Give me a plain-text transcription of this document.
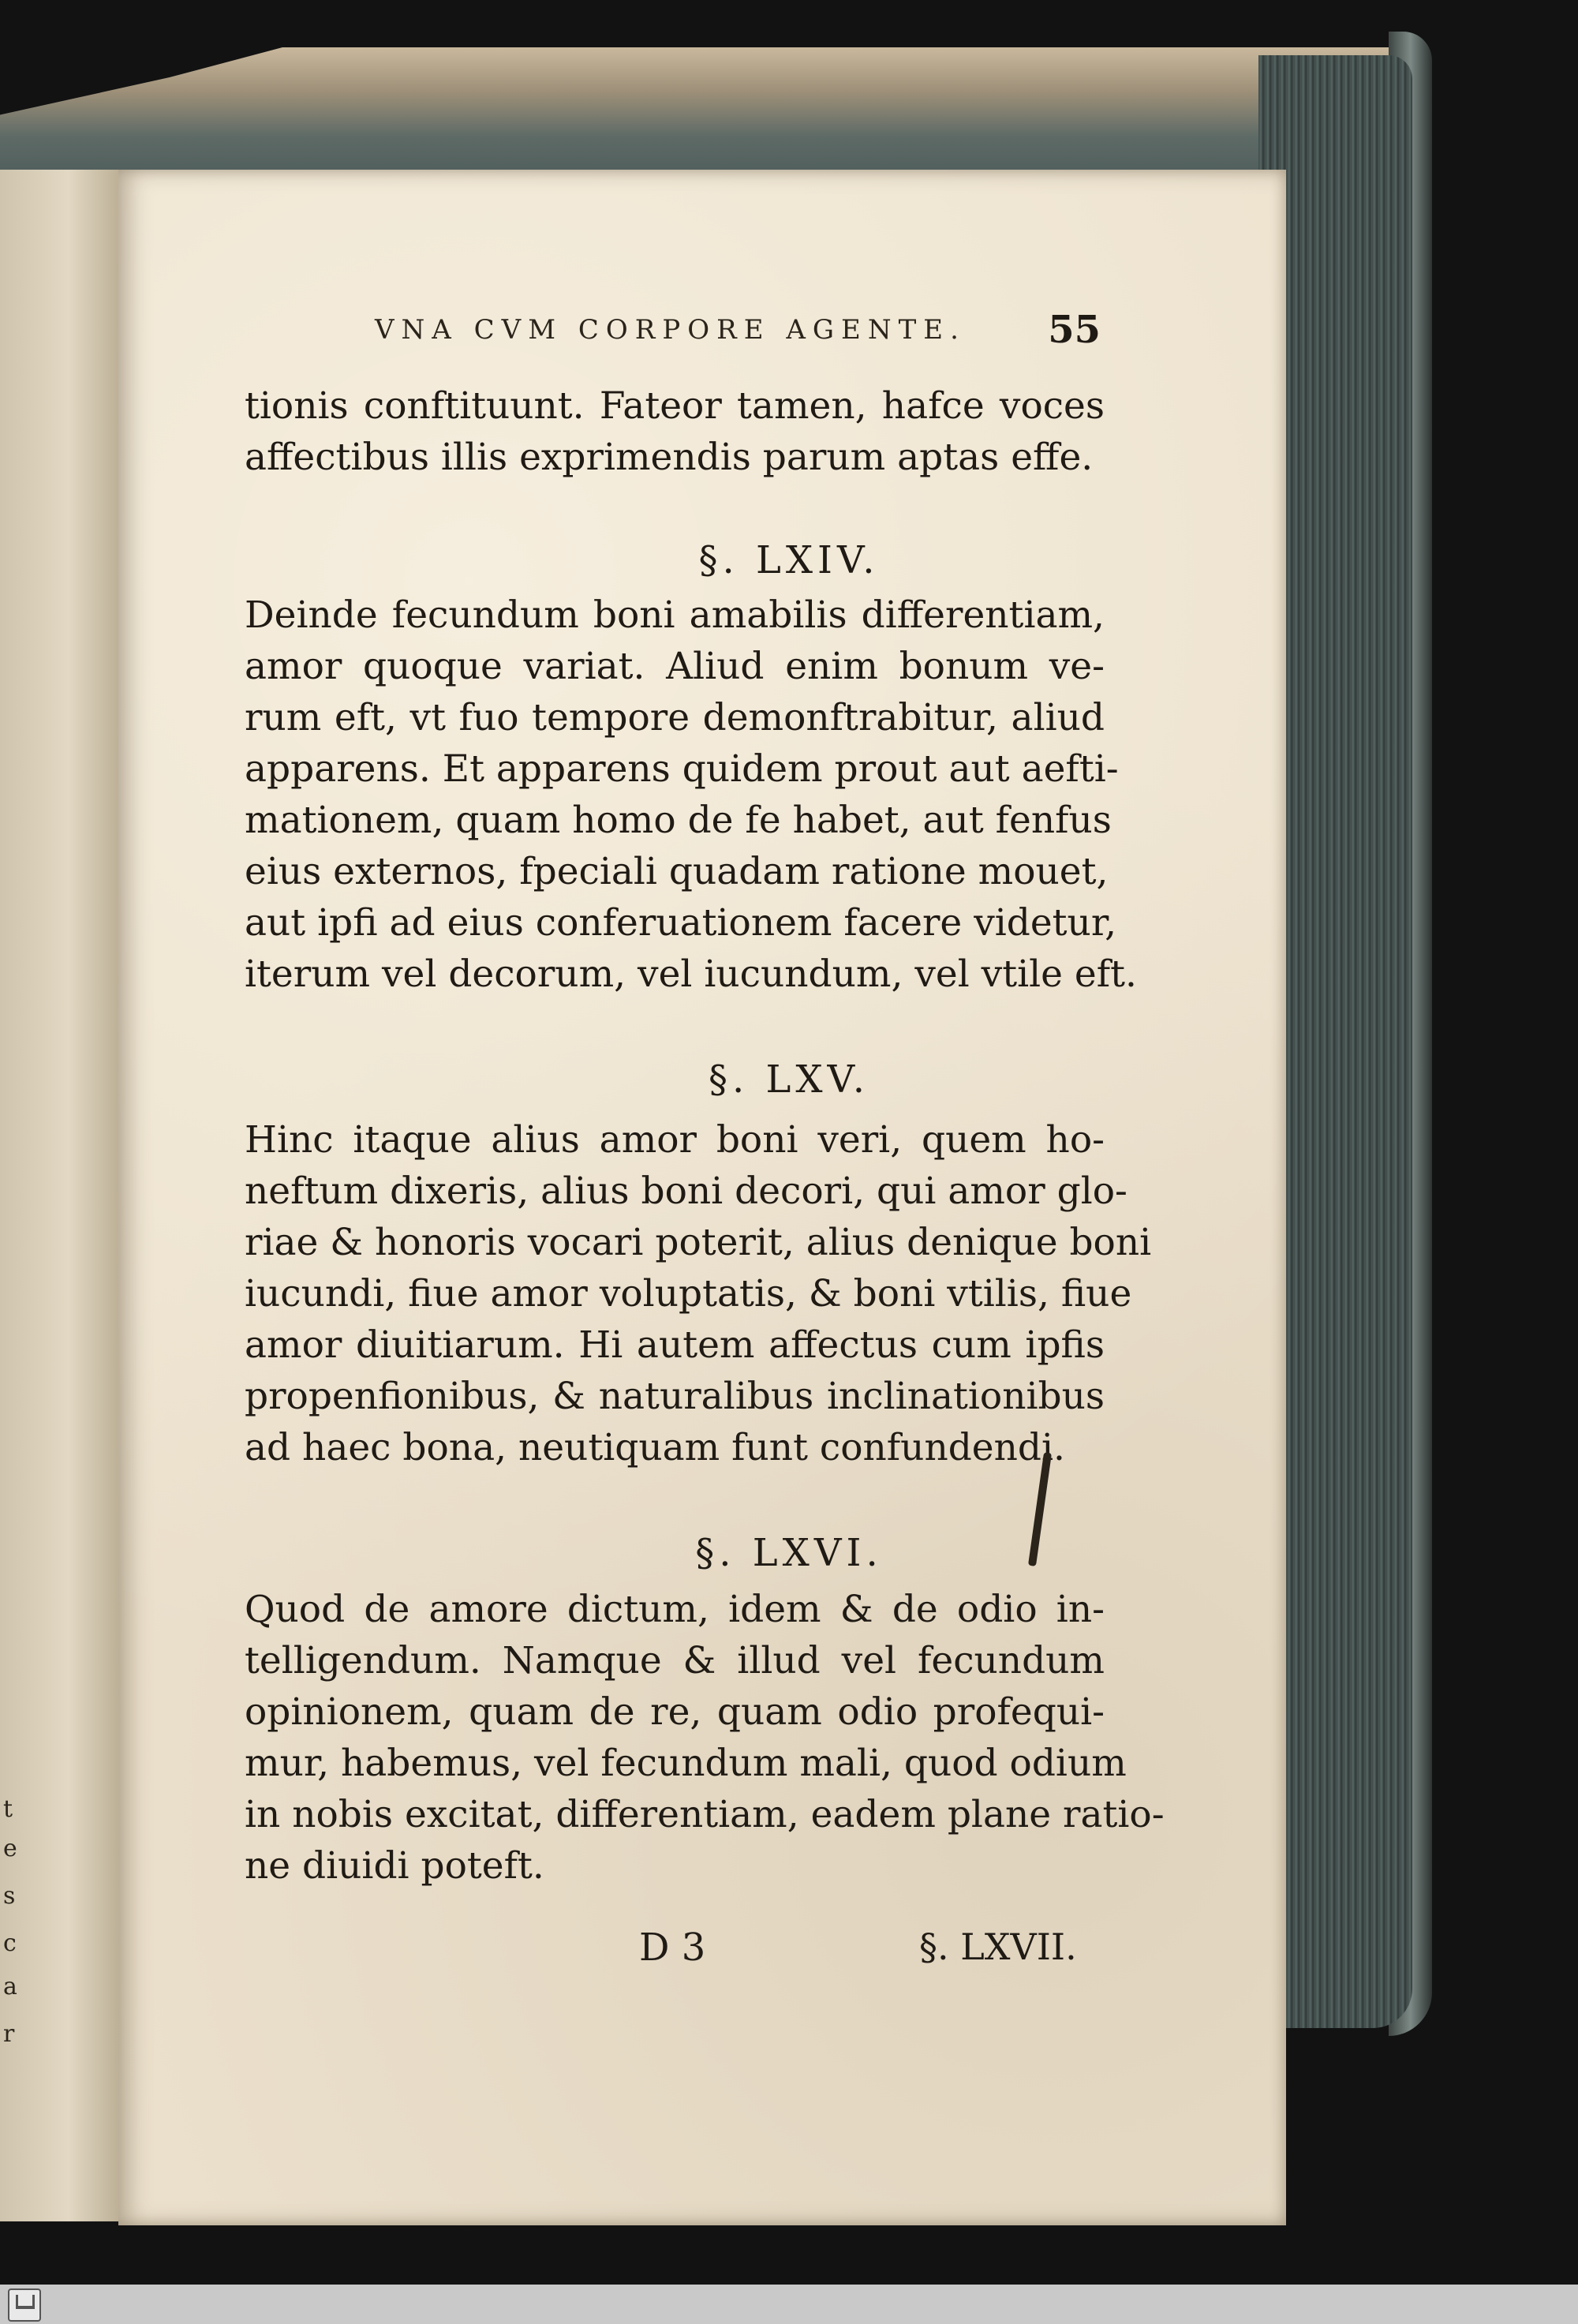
t
e
s
c
a
r
VNA CVM CORPORE AGENTE. 55
tionis conftituunt. Fateor tamen, hafce voces
affectibus illis exprimendis parum aptas effe.
§. LXIV.
Deinde fecundum boni amabilis differentiam,
amor quoque variat. Aliud enim bonum ve-
rum eft, vt fuo tempore demonftrabitur, aliud
apparens. Et apparens quidem prout aut aefti-
mationem, quam homo de fe habet, aut fenfus
eius externos, fpeciali quadam ratione mouet,
aut ipfi ad eius conferuationem facere videtur,
iterum vel decorum, vel iucundum, vel vtile eft.
§. LXV.
Hinc itaque alius amor boni veri, quem ho-
neftum dixeris, alius boni decori, qui amor glo-
riae & honoris vocari poterit, alius denique boni
iucundi, fiue amor voluptatis, & boni vtilis, fiue
amor diuitiarum. Hi autem affectus cum ipfis
propenfionibus, & naturalibus inclinationibus
ad haec bona, neutiquam funt confundendi.
§. LXVI.
Quod de amore dictum, idem & de odio in-
telligendum. Namque & illud vel fecundum
opinionem, quam de re, quam odio profequi-
mur, habemus, vel fecundum mali, quod odium
in nobis excitat, differentiam, eadem plane ratio-
ne diuidi poteft.
D 3	§. LXVII.
